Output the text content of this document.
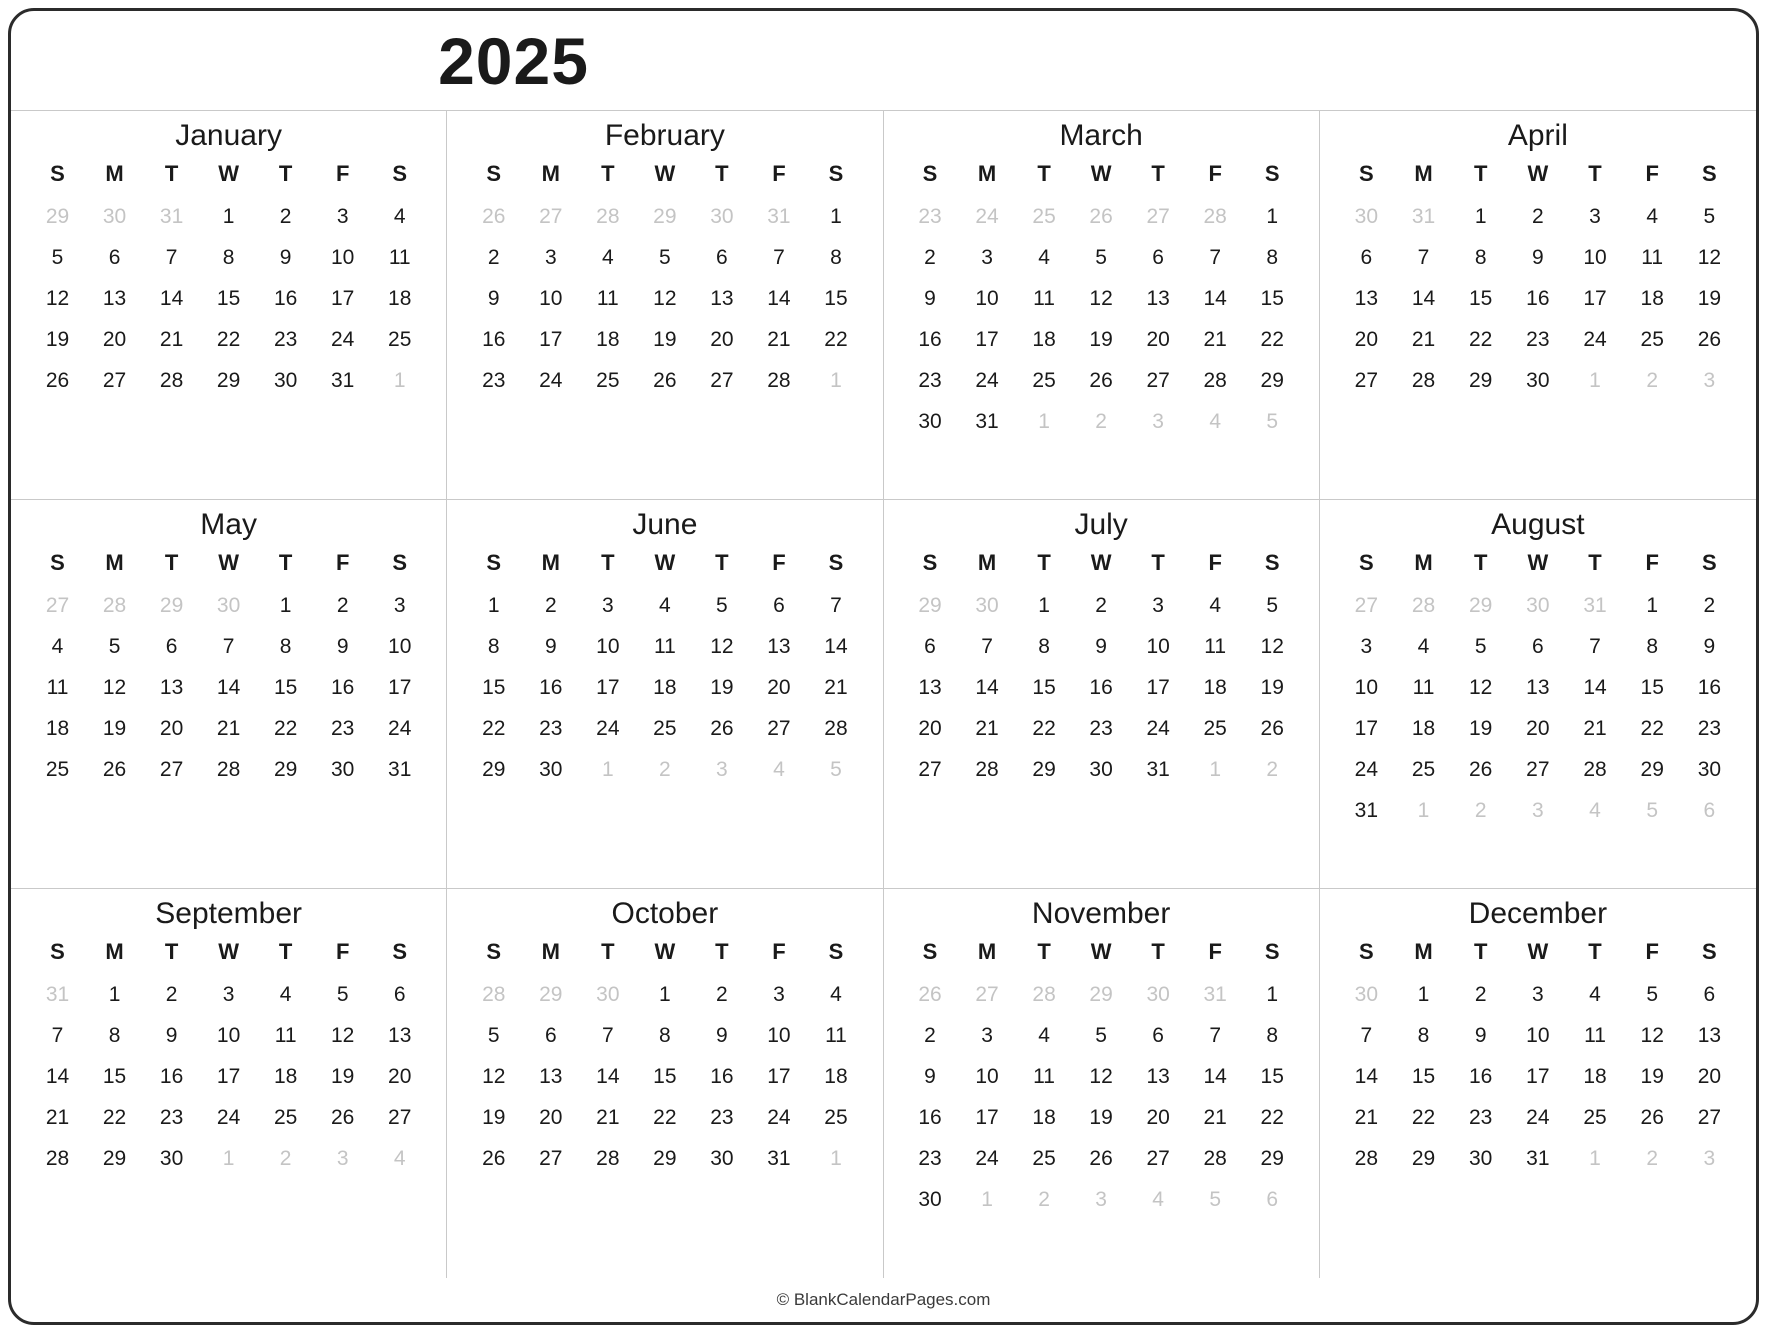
2025
January
S	M	T	W	T	F	S
29	30	31	1	2	3	4
5	6	7	8	9	10	11
12	13	14	15	16	17	18
19	20	21	22	23	24	25
26	27	28	29	30	31	1
February
S	M	T	W	T	F	S
26	27	28	29	30	31	1
2	3	4	5	6	7	8
9	10	11	12	13	14	15
16	17	18	19	20	21	22
23	24	25	26	27	28	1
March
S	M	T	W	T	F	S
23	24	25	26	27	28	1
2	3	4	5	6	7	8
9	10	11	12	13	14	15
16	17	18	19	20	21	22
23	24	25	26	27	28	29
30	31	1	2	3	4	5
April
S	M	T	W	T	F	S
30	31	1	2	3	4	5
6	7	8	9	10	11	12
13	14	15	16	17	18	19
20	21	22	23	24	25	26
27	28	29	30	1	2	3
May
S	M	T	W	T	F	S
27	28	29	30	1	2	3
4	5	6	7	8	9	10
11	12	13	14	15	16	17
18	19	20	21	22	23	24
25	26	27	28	29	30	31
June
S	M	T	W	T	F	S
1	2	3	4	5	6	7
8	9	10	11	12	13	14
15	16	17	18	19	20	21
22	23	24	25	26	27	28
29	30	1	2	3	4	5
July
S	M	T	W	T	F	S
29	30	1	2	3	4	5
6	7	8	9	10	11	12
13	14	15	16	17	18	19
20	21	22	23	24	25	26
27	28	29	30	31	1	2
August
S	M	T	W	T	F	S
27	28	29	30	31	1	2
3	4	5	6	7	8	9
10	11	12	13	14	15	16
17	18	19	20	21	22	23
24	25	26	27	28	29	30
31	1	2	3	4	5	6
September
S	M	T	W	T	F	S
31	1	2	3	4	5	6
7	8	9	10	11	12	13
14	15	16	17	18	19	20
21	22	23	24	25	26	27
28	29	30	1	2	3	4
October
S	M	T	W	T	F	S
28	29	30	1	2	3	4
5	6	7	8	9	10	11
12	13	14	15	16	17	18
19	20	21	22	23	24	25
26	27	28	29	30	31	1
November
S	M	T	W	T	F	S
26	27	28	29	30	31	1
2	3	4	5	6	7	8
9	10	11	12	13	14	15
16	17	18	19	20	21	22
23	24	25	26	27	28	29
30	1	2	3	4	5	6
December
S	M	T	W	T	F	S
30	1	2	3	4	5	6
7	8	9	10	11	12	13
14	15	16	17	18	19	20
21	22	23	24	25	26	27
28	29	30	31	1	2	3
© BlankCalendarPages.com
